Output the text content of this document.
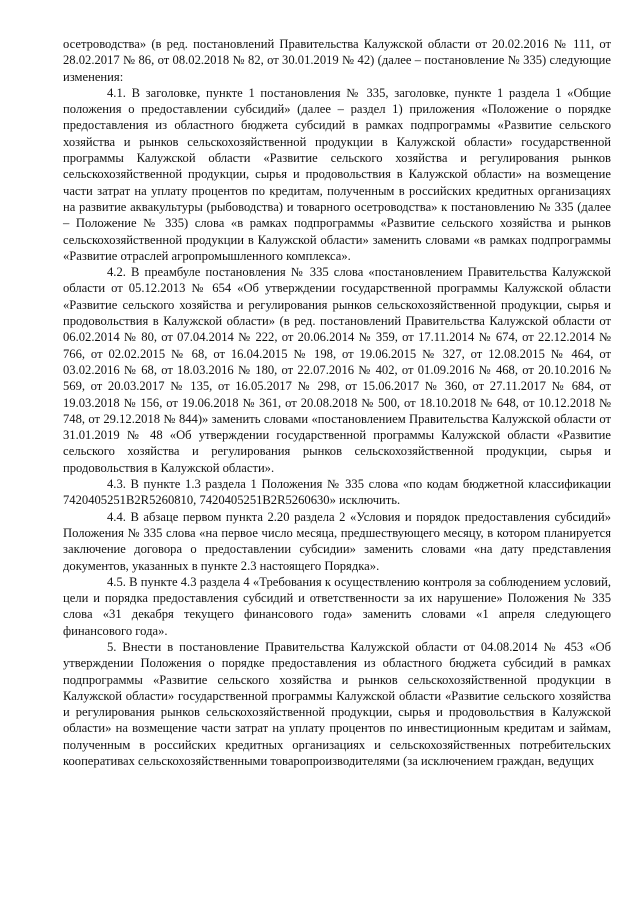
осетроводства» (в ред. постановлений Правительства Калужской области от 20.02.2016 № 111, от 28.02.2017 № 86, от 08.02.2018 № 82, от 30.01.2019 № 42) (далее – постановление № 335) следующие изменения:

4.1. В заголовке, пункте 1 постановления № 335, заголовке, пункте 1 раздела 1 «Общие положения о предоставлении субсидий» (далее – раздел 1) приложения «Положение о порядке предоставления из областного бюджета субсидий в рамках подпрограммы «Развитие сельского хозяйства и рынков сельскохозяйственной продукции в Калужской области» государственной программы Калужской области «Развитие сельского хозяйства и регулирования рынков сельскохозяйственной продукции, сырья и продовольствия в Калужской области» на возмещение части затрат на уплату процентов по кредитам, полученным в российских кредитных организациях на развитие аквакультуры (рыбоводства) и товарного осетроводства» к постановлению № 335 (далее – Положение № 335) слова «в рамках подпрограммы «Развитие сельского хозяйства и рынков сельскохозяйственной продукции в Калужской области» заменить словами «в рамках подпрограммы «Развитие отраслей агропромышленного комплекса».

4.2. В преамбуле постановления № 335 слова «постановлением Правительства Калужской области от 05.12.2013 № 654 «Об утверждении государственной программы Калужской области «Развитие сельского хозяйства и регулирования рынков сельскохозяйственной продукции, сырья и продовольствия в Калужской области» (в ред. постановлений Правительства Калужской области от 06.02.2014 № 80, от 07.04.2014 № 222, от 20.06.2014 № 359, от 17.11.2014 № 674, от 22.12.2014 № 766, от 02.02.2015 № 68, от 16.04.2015 № 198, от 19.06.2015 № 327, от 12.08.2015 № 464, от 03.02.2016 № 68, от 18.03.2016 № 180, от 22.07.2016 № 402, от 01.09.2016 № 468, от 20.10.2016 № 569, от 20.03.2017 № 135, от 16.05.2017 № 298, от 15.06.2017 № 360, от 27.11.2017 № 684, от 19.03.2018 № 156, от 19.06.2018 № 361, от 20.08.2018 № 500, от 18.10.2018 № 648, от 10.12.2018 № 748, от 29.12.2018 № 844)» заменить словами «постановлением Правительства Калужской области от 31.01.2019 № 48 «Об утверждении государственной программы Калужской области «Развитие сельского хозяйства и регулирования рынков сельскохозяйственной продукции, сырья и продовольствия в Калужской области».

4.3. В пункте 1.3 раздела 1 Положения № 335 слова «по кодам бюджетной классификации 7420405251B2R5260810, 7420405251B2R5260630» исключить.

4.4. В абзаце первом пункта 2.20 раздела 2 «Условия и порядок предоставления субсидий» Положения № 335 слова «на первое число месяца, предшествующего месяцу, в котором планируется заключение договора о предоставлении субсидии» заменить словами «на дату представления документов, указанных в пункте 2.3 настоящего Порядка».

4.5. В пункте 4.3 раздела 4 «Требования к осуществлению контроля за соблюдением условий, цели и порядка предоставления субсидий и ответственности за их нарушение» Положения № 335 слова «31 декабря текущего финансового года» заменить словами «1 апреля следующего финансового года».

5. Внести в постановление Правительства Калужской области от 04.08.2014 № 453 «Об утверждении Положения о порядке предоставления из областного бюджета субсидий в рамках подпрограммы «Развитие сельского хозяйства и рынков сельскохозяйственной продукции в Калужской области» государственной программы Калужской области «Развитие сельского хозяйства и регулирования рынков сельскохозяйственной продукции, сырья и продовольствия в Калужской области» на возмещение части затрат на уплату процентов по инвестиционным кредитам и займам, полученным в российских кредитных организациях и сельскохозяйственных потребительских кооперативах сельскохозяйственными товаропроизводителями (за исключением граждан, ведущих
